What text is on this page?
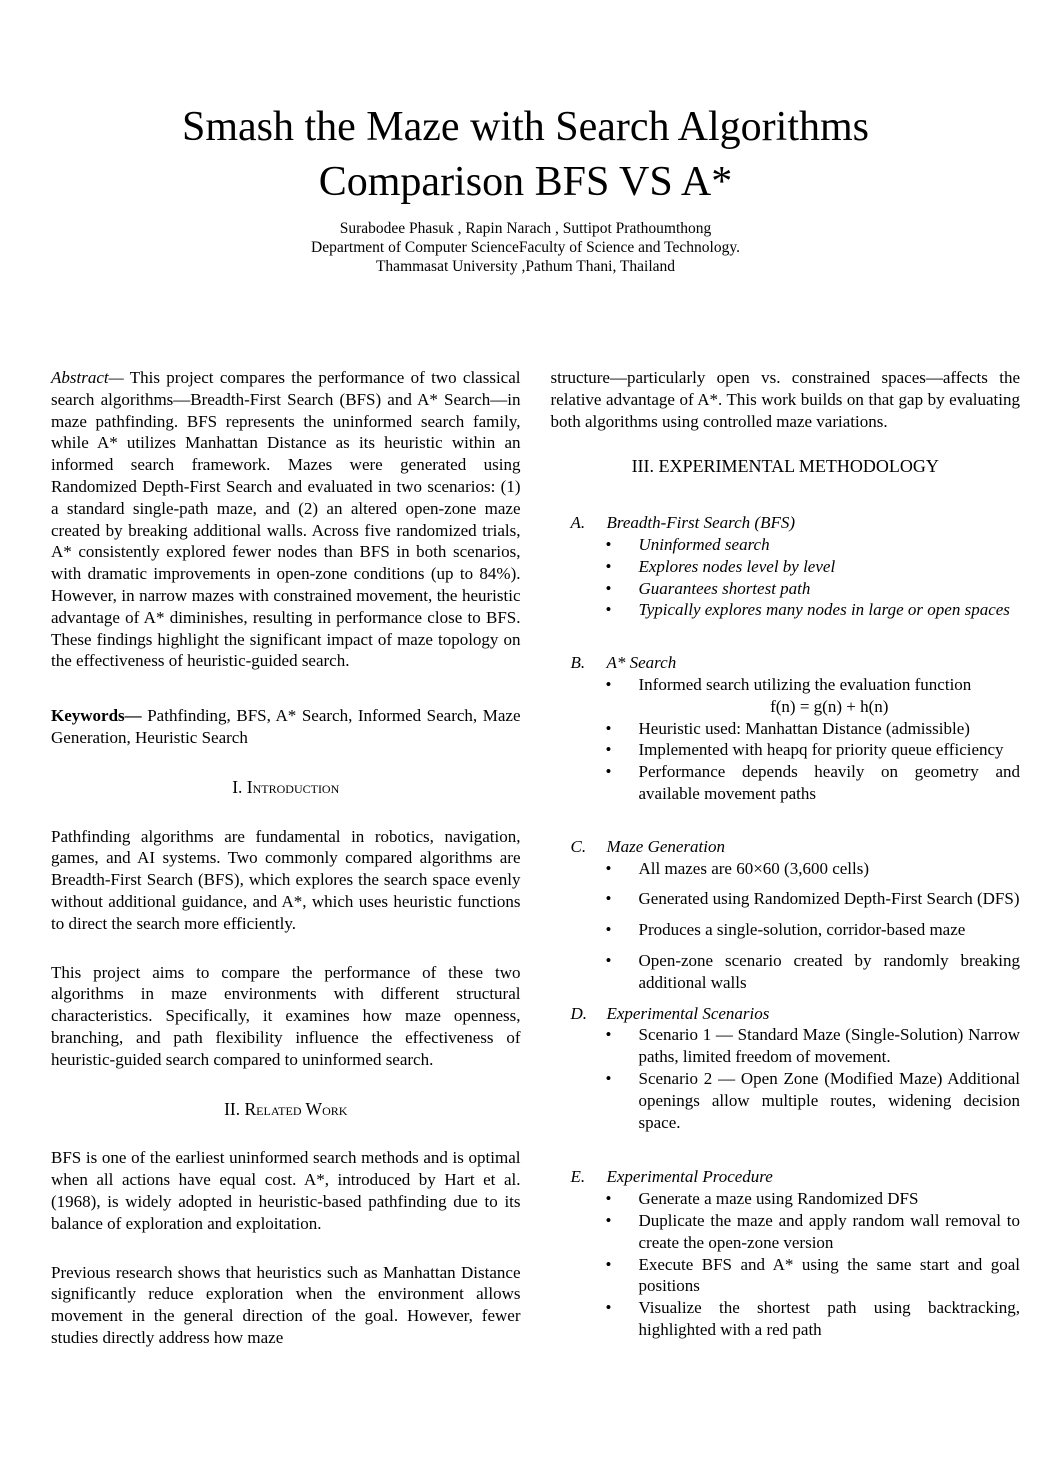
Smash the Maze with Search Algorithms
Comparison BFS VS A*
Surabodee Phasuk , Rapin Narach , Suttipot Prathoumthong
Department of Computer ScienceFaculty of Science and Technology.
Thammasat University ,Pathum Thani, Thailand

Abstract— This project compares the performance of two classical search algorithms—Breadth-First Search (BFS) and A* Search—in maze pathfinding. BFS represents the uninformed search family, while A* utilizes Manhattan Distance as its heuristic within an informed search framework. Mazes were generated using Randomized Depth-First Search and evaluated in two scenarios: (1) a standard single-path maze, and (2) an altered open-zone maze created by breaking additional walls. Across five randomized trials, A* consistently explored fewer nodes than BFS in both scenarios, with dramatic improvements in open-zone conditions (up to 84%). However, in narrow mazes with constrained movement, the heuristic advantage of A* diminishes, resulting in performance close to BFS. These findings highlight the significant impact of maze topology on the effectiveness of heuristic-guided search.

Keywords— Pathfinding, BFS, A* Search, Informed Search, Maze Generation, Heuristic Search

I. Introduction

Pathfinding algorithms are fundamental in robotics, navigation, games, and AI systems. Two commonly compared algorithms are Breadth-First Search (BFS), which explores the search space evenly without additional guidance, and A*, which uses heuristic functions to direct the search more efficiently.

This project aims to compare the performance of these two algorithms in maze environments with different structural characteristics. Specifically, it examines how maze openness, branching, and path flexibility influence the effectiveness of heuristic-guided search compared to uninformed search.

II. Related Work

BFS is one of the earliest uninformed search methods and is optimal when all actions have equal cost. A*, introduced by Hart et al. (1968), is widely adopted in heuristic-based pathfinding due to its balance of exploration and exploitation.

Previous research shows that heuristics such as Manhattan Distance significantly reduce exploration when the environment allows movement in the general direction of the goal. However, fewer studies directly address how maze

structure—particularly open vs. constrained spaces—affects the relative advantage of A*. This work builds on that gap by evaluating both algorithms using controlled maze variations.

III. EXPERIMENTAL METHODOLOGY
A.	Breadth-First Search (BFS)
•	Uninformed search
•	Explores nodes level by level
•	Guarantees shortest path
•	Typically explores many nodes in large or open spaces
B.	A* Search
•	Informed search utilizing the evaluation function
f(n) = g(n) + h(n)
•	Heuristic used: Manhattan Distance (admissible)
•	Implemented with heapq for priority queue efficiency
•	Performance depends heavily on geometry and available movement paths
C.	Maze Generation
•	All mazes are 60×60 (3,600 cells)
•	Generated using Randomized Depth-First Search (DFS)
•	Produces a single-solution, corridor-based maze
•	Open-zone scenario created by randomly breaking additional walls
D.	Experimental Scenarios
•	Scenario 1 — Standard Maze (Single-Solution) Narrow paths, limited freedom of movement.
•	Scenario 2 — Open Zone (Modified Maze) Additional openings allow multiple routes, widening decision space.
E.	Experimental Procedure
•	Generate a maze using Randomized DFS
•	Duplicate the maze and apply random wall removal to create the open-zone version
•	Execute BFS and A* using the same start and goal positions
•	Visualize the shortest path using backtracking, highlighted with a red path
